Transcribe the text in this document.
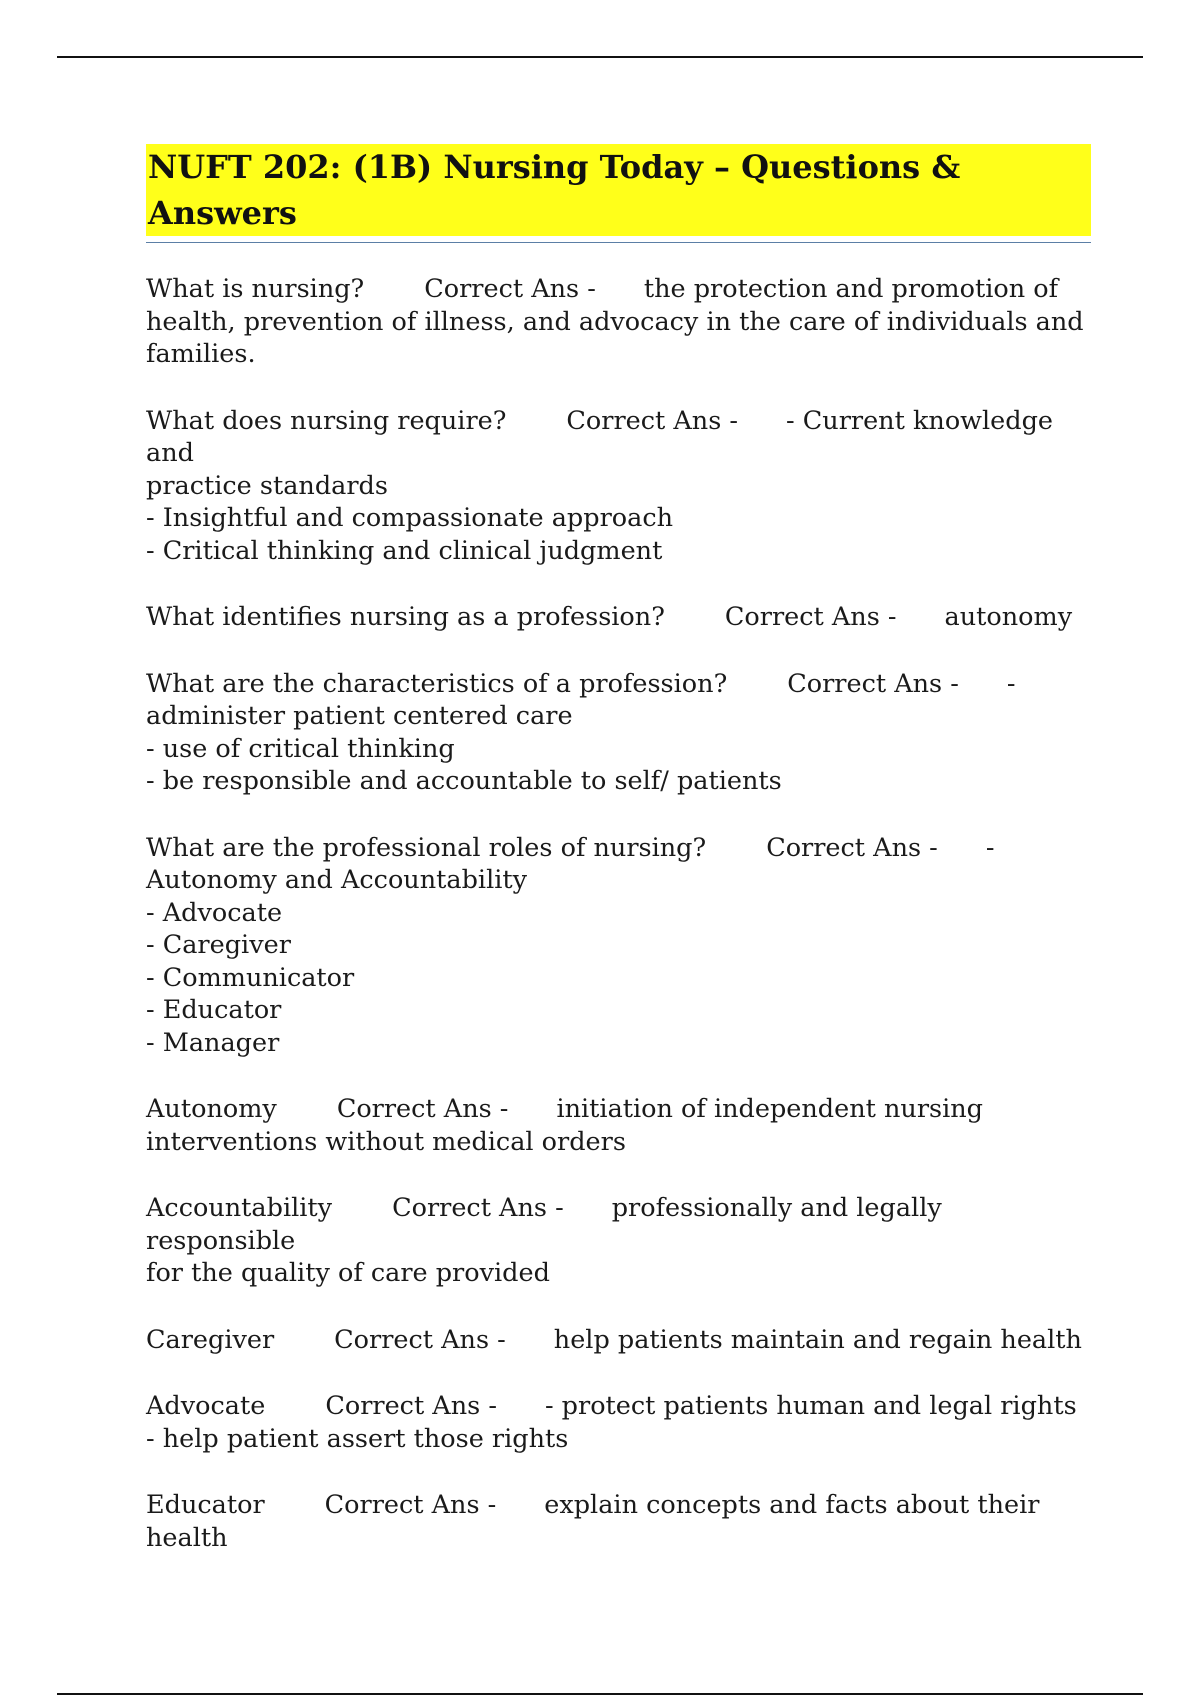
NUFT 202: (1B) Nursing Today – Questions & Answers
What is nursing? Correct Ans - the protection and promotion of
health, prevention of illness, and advocacy in the care of individuals and
families.
What does nursing require? Correct Ans - - Current knowledge and
practice standards
- Insightful and compassionate approach
- Critical thinking and clinical judgment
What identifies nursing as a profession? Correct Ans - autonomy
What are the characteristics of a profession? Correct Ans - -
administer patient centered care
- use of critical thinking
- be responsible and accountable to self/ patients
What are the professional roles of nursing? Correct Ans - -
Autonomy and Accountability
- Advocate
- Caregiver
- Communicator
- Educator
- Manager
Autonomy Correct Ans - initiation of independent nursing
interventions without medical orders
Accountability Correct Ans - professionally and legally responsible
for the quality of care provided
Caregiver Correct Ans - help patients maintain and regain health
Advocate Correct Ans - - protect patients human and legal rights
- help patient assert those rights
Educator Correct Ans - explain concepts and facts about their
health
